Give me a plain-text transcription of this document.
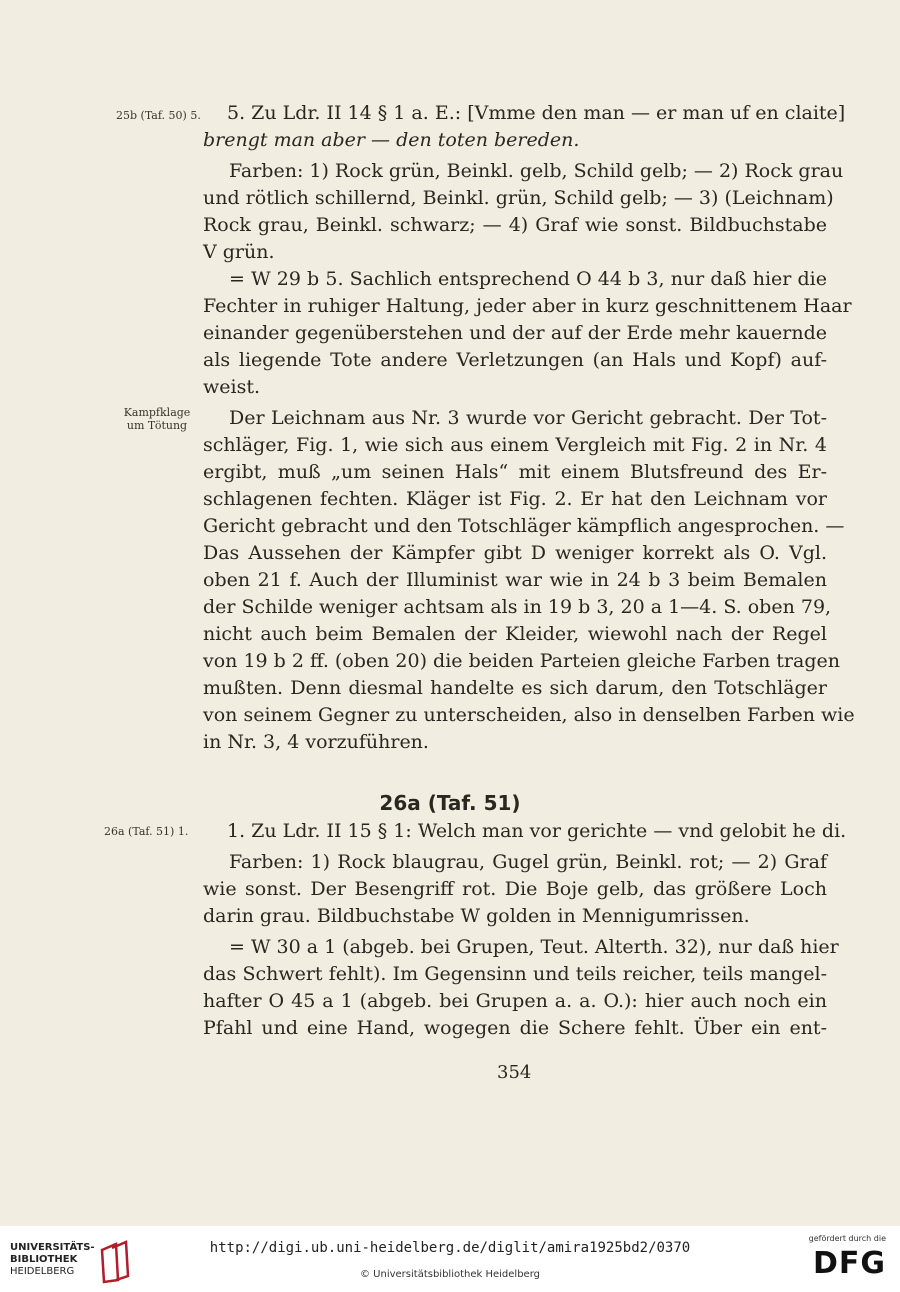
25b (Taf. 50) 5.
Kampfklage
um Tötung
26a (Taf. 51) 1.
5. Zu Ldr. II 14 § 1 a. E.: [Vmme den man — er man uf en claite]
brengt man aber — den toten bereden.
Farben: 1) Rock grün, Beinkl. gelb, Schild gelb; — 2) Rock grau
und rötlich schillernd, Beinkl. grün, Schild gelb; — 3) (Leichnam)
Rock grau, Beinkl. schwarz; — 4) Graf wie sonst. Bildbuchstabe
V grün.
= W 29 b 5. Sachlich entsprechend O 44 b 3, nur daß hier die
Fechter in ruhiger Haltung, jeder aber in kurz geschnittenem Haar
einander gegenüberstehen und der auf der Erde mehr kauernde
als liegende Tote andere Verletzungen (an Hals und Kopf) auf-
weist.
Der Leichnam aus Nr. 3 wurde vor Gericht gebracht. Der Tot-
schläger, Fig. 1, wie sich aus einem Vergleich mit Fig. 2 in Nr. 4
ergibt, muß „um seinen Hals“ mit einem Blutsfreund des Er-
schlagenen fechten. Kläger ist Fig. 2. Er hat den Leichnam vor
Gericht gebracht und den Totschläger kämpflich angesprochen. —
Das Aussehen der Kämpfer gibt D weniger korrekt als O. Vgl.
oben 21 f. Auch der Illuminist war wie in 24 b 3 beim Bemalen
der Schilde weniger achtsam als in 19 b 3, 20 a 1—4. S. oben 79,
nicht auch beim Bemalen der Kleider, wiewohl nach der Regel
von 19 b 2 ff. (oben 20) die beiden Parteien gleiche Farben tragen
mußten. Denn diesmal handelte es sich darum, den Totschläger
von seinem Gegner zu unterscheiden, also in denselben Farben wie
in Nr. 3, 4 vorzuführen.
26a (Taf. 51)
1. Zu Ldr. II 15 § 1: Welch man vor gerichte — vnd gelobit he di.
Farben: 1) Rock blaugrau, Gugel grün, Beinkl. rot; — 2) Graf
wie sonst. Der Besengriff rot. Die Boje gelb, das größere Loch
darin grau. Bildbuchstabe W golden in Mennigumrissen.
= W 30 a 1 (abgeb. bei Grupen, Teut. Alterth. 32), nur daß hier
das Schwert fehlt). Im Gegensinn und teils reicher, teils mangel-
hafter O 45 a 1 (abgeb. bei Grupen a. a. O.): hier auch noch ein
Pfahl und eine Hand, wogegen die Schere fehlt. Über ein ent-
354
UNIVERSITÄTS-
BIBLIOTHEK
HEIDELBERG
http://digi.ub.uni-heidelberg.de/diglit/amira1925bd2/0370
© Universitätsbibliothek Heidelberg
gefördert durch die
DFG
